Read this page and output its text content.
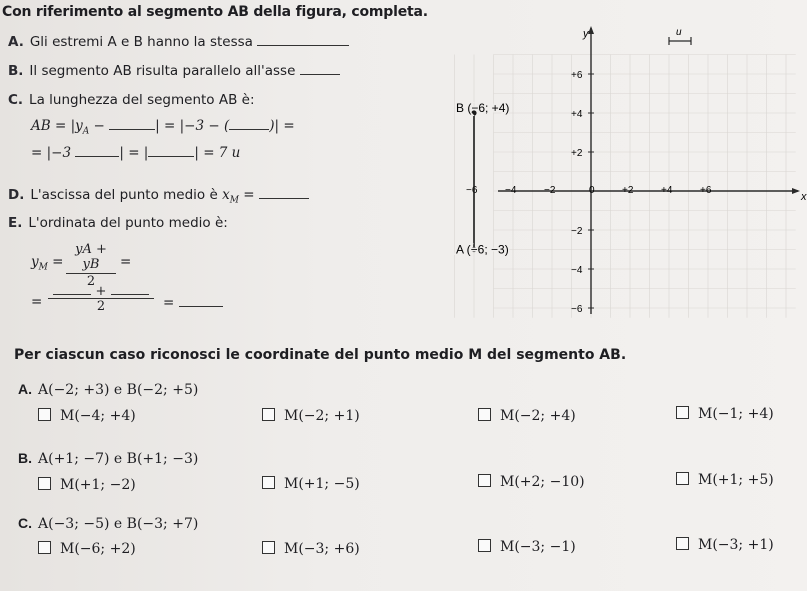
Con riferimento al segmento AB della figura, completa.
A. Gli estremi A e B hanno la stessa
B. Il segmento AB risulta parallelo all'asse
C. La lunghezza del segmento AB è:
AB = $|y_A$ −	| = |−3 − (	)| =
= |−3	| = |	| = 7 u
D. L'ascissa del punto medio è $x_M$ =
E. L'ordinata del punto medio è:
$y_M = \frac{yA + yB}{2}$ =
=
+
2	=
y
x
u
−6	−4	−2	0	+2	+4	+6
+6
+4
+2
−2
−4
−6
A (−6; −3)
B (−6; +4)
Per ciascun caso riconosci le coordinate del punto medio M del segmento AB.
A. A(−2; +3) e B(−2; +5)
M(−4; +4)	M(−2; +1)	M(−2; +4)	M(−1; +4)
B. A(+1; −7) e B(+1; −3)
M(+1; −2)	M(+1; −5)	M(+2; −10)	M(+1; +5)
C. A(−3; −5) e B(−3; +7)
M(−6; +2)	M(−3; +6)	M(−3; −1)	M(−3; +1)
